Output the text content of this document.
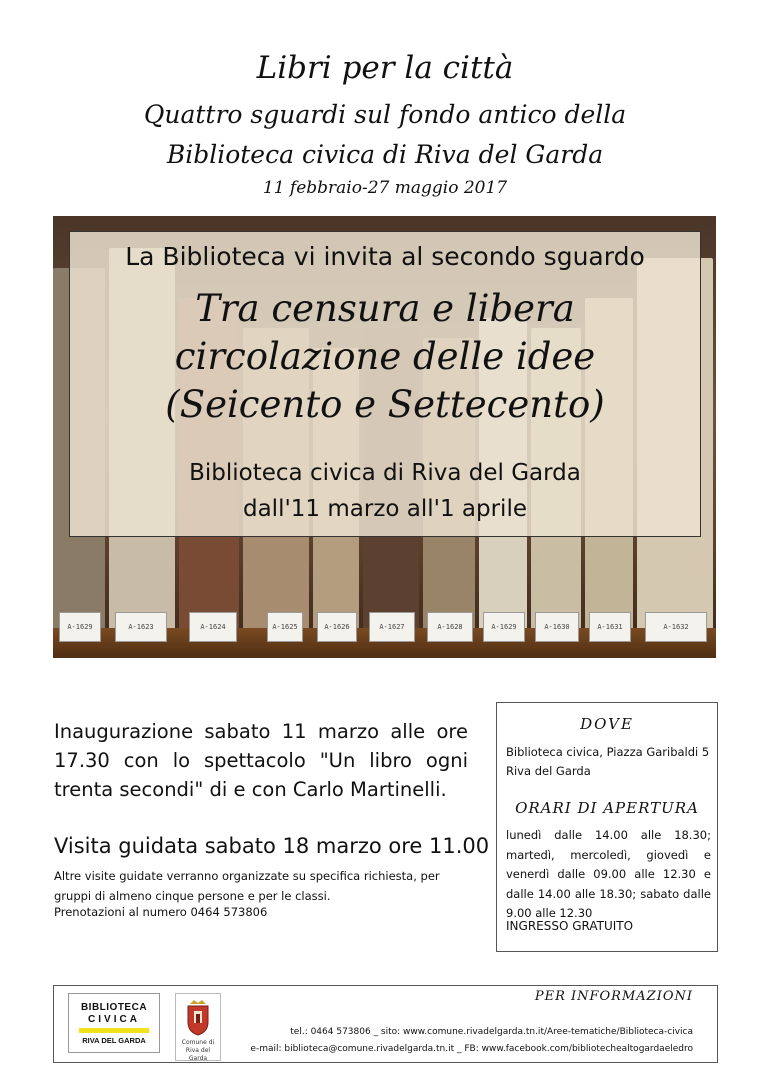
Libri per la città
Quattro sguardi sul fondo antico della
Biblioteca civica di Riva del Garda
11 febbraio-27 maggio 2017
A-1629	A-1623	A-1624	A-1625	A-1626	A-1627	A-1628	A-1629	A-1630	A-1631	A-1632
La Biblioteca vi invita al secondo sguardo
Tra censura e libera
circolazione delle idee
(Seicento e Settecento)
Biblioteca civica di Riva del Garda
dall'11 marzo all'1 aprile
Inaugurazione sabato 11 marzo alle ore 17.30 con lo spettacolo "Un libro ogni trenta secondi" di e con Carlo Martinelli.
Visita guidata sabato 18 marzo ore 11.00
Altre visite guidate verranno organizzate su specifica richiesta, per gruppi di almeno cinque persone e per le classi.
Prenotazioni al numero 0464 573806
DOVE
Biblioteca civica, Piazza Garibaldi 5 Riva del Garda
ORARI DI APERTURA
lunedì dalle 14.00 alle 18.30; martedì, mercoledì, giovedì e venerdì dalle 09.00 alle 12.30 e dalle 14.00 alle 18.30; sabato dalle 9.00 alle 12.30
INGRESSO GRATUITO
BIBLIOTECA
CIVICA
RIVA DEL GARDA	Comune di Riva del Garda
PER INFORMAZIONI
tel.: 0464 573806 _ sito: www.comune.rivadelgarda.tn.it/Aree-tematiche/Biblioteca-civica
e-mail: biblioteca@comune.rivadelgarda.tn.it _ FB: www.facebook.com/bibliotechealtogardaeledro
